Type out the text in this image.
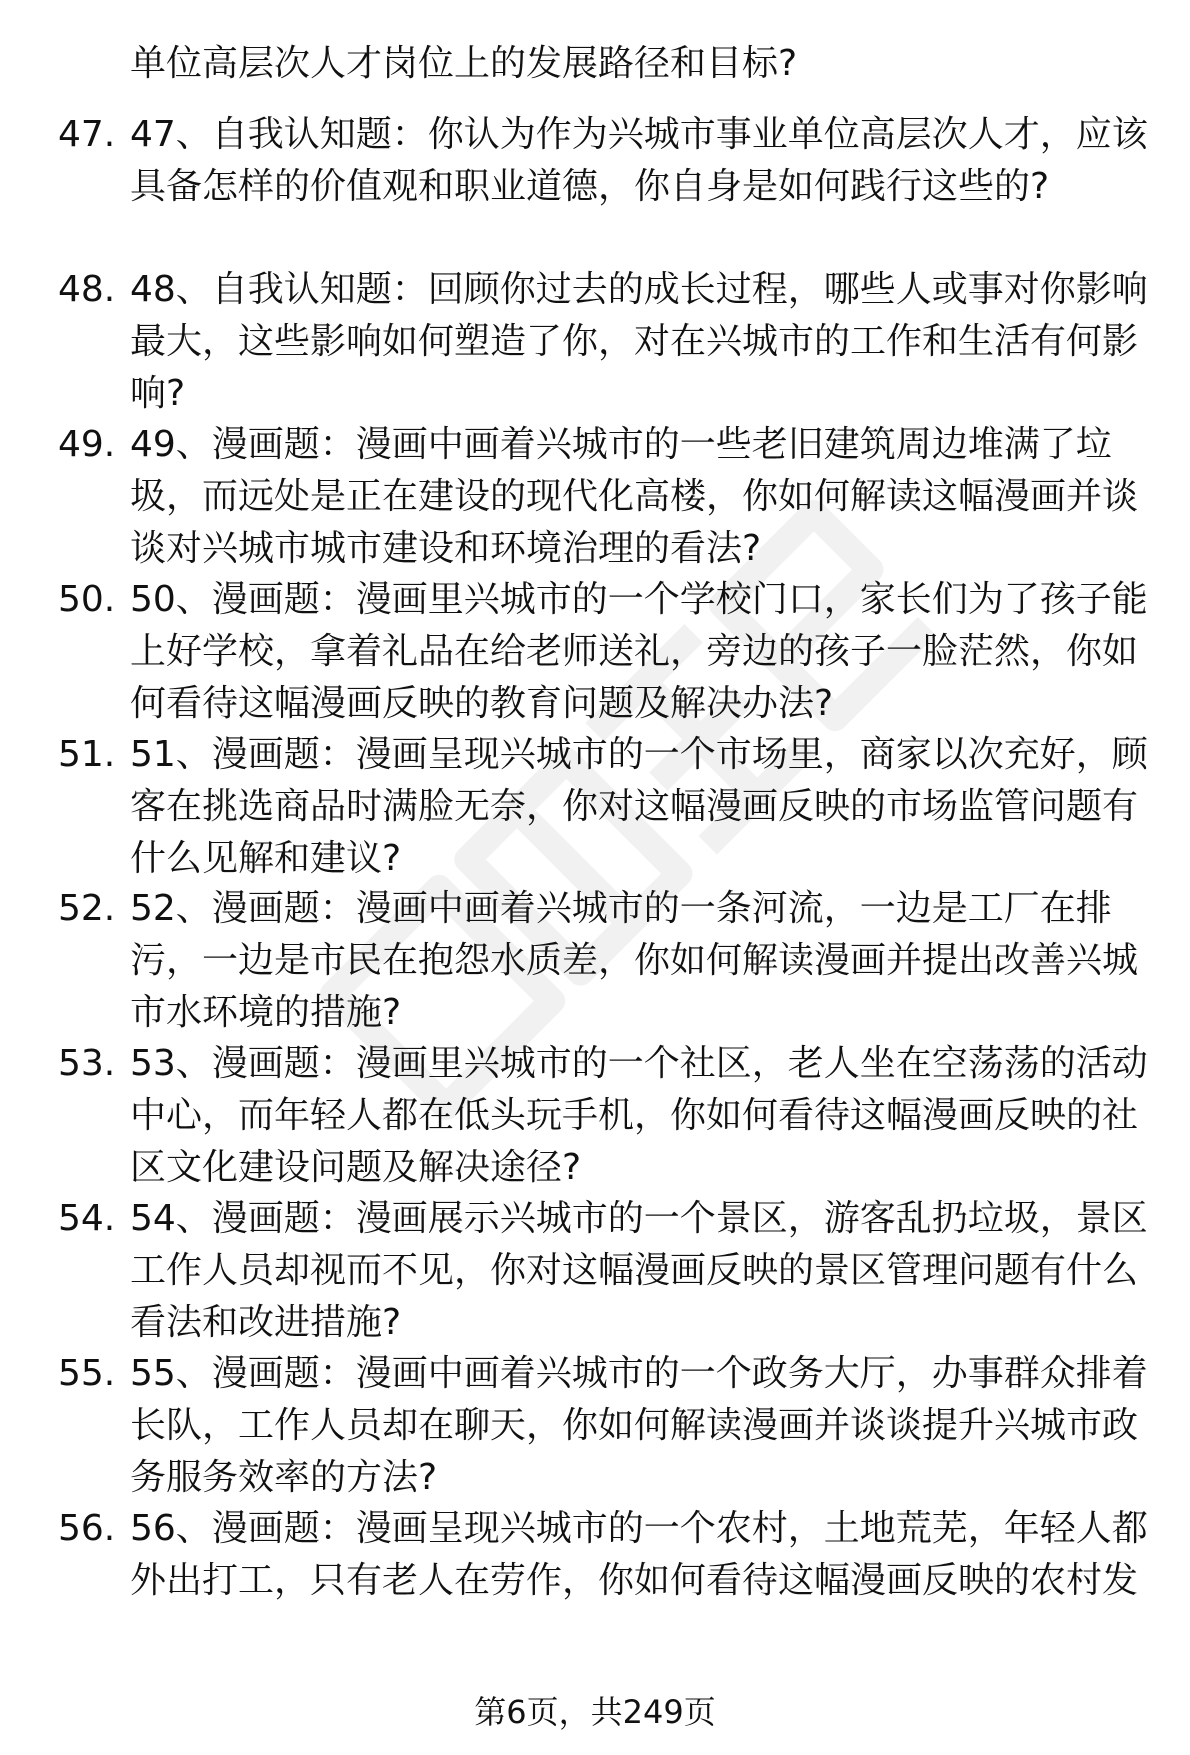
单位高层次人才岗位上的发展路径和目标?
47. 47、自我认知题：你认为作为兴城市事业单位高层次人才，应该
具备怎样的价值观和职业道德，你自身是如何践行这些的?
48. 48、自我认知题：回顾你过去的成长过程，哪些人或事对你影响
最大，这些影响如何塑造了你，对在兴城市的工作和生活有何影
响?
49. 49、漫画题：漫画中画着兴城市的一些老旧建筑周边堆满了垃
圾，而远处是正在建设的现代化高楼，你如何解读这幅漫画并谈
谈对兴城市城市建设和环境治理的看法?
50. 50、漫画题：漫画里兴城市的一个学校门口，家长们为了孩子能
上好学校，拿着礼品在给老师送礼，旁边的孩子一脸茫然，你如
何看待这幅漫画反映的教育问题及解决办法?
51. 51、漫画题：漫画呈现兴城市的一个市场里，商家以次充好，顾
客在挑选商品时满脸无奈，你对这幅漫画反映的市场监管问题有
什么见解和建议?
52. 52、漫画题：漫画中画着兴城市的一条河流，一边是工厂在排
污，一边是市民在抱怨水质差，你如何解读漫画并提出改善兴城
市水环境的措施?
53. 53、漫画题：漫画里兴城市的一个社区，老人坐在空荡荡的活动
中心，而年轻人都在低头玩手机，你如何看待这幅漫画反映的社
区文化建设问题及解决途径?
54. 54、漫画题：漫画展示兴城市的一个景区，游客乱扔垃圾，景区
工作人员却视而不见，你对这幅漫画反映的景区管理问题有什么
看法和改进措施?
55. 55、漫画题：漫画中画着兴城市的一个政务大厅，办事群众排着
长队，工作人员却在聊天，你如何解读漫画并谈谈提升兴城市政
务服务效率的方法?
56. 56、漫画题：漫画呈现兴城市的一个农村，土地荒芜，年轻人都
外出打工，只有老人在劳作，你如何看待这幅漫画反映的农村发
第6页，共249页
